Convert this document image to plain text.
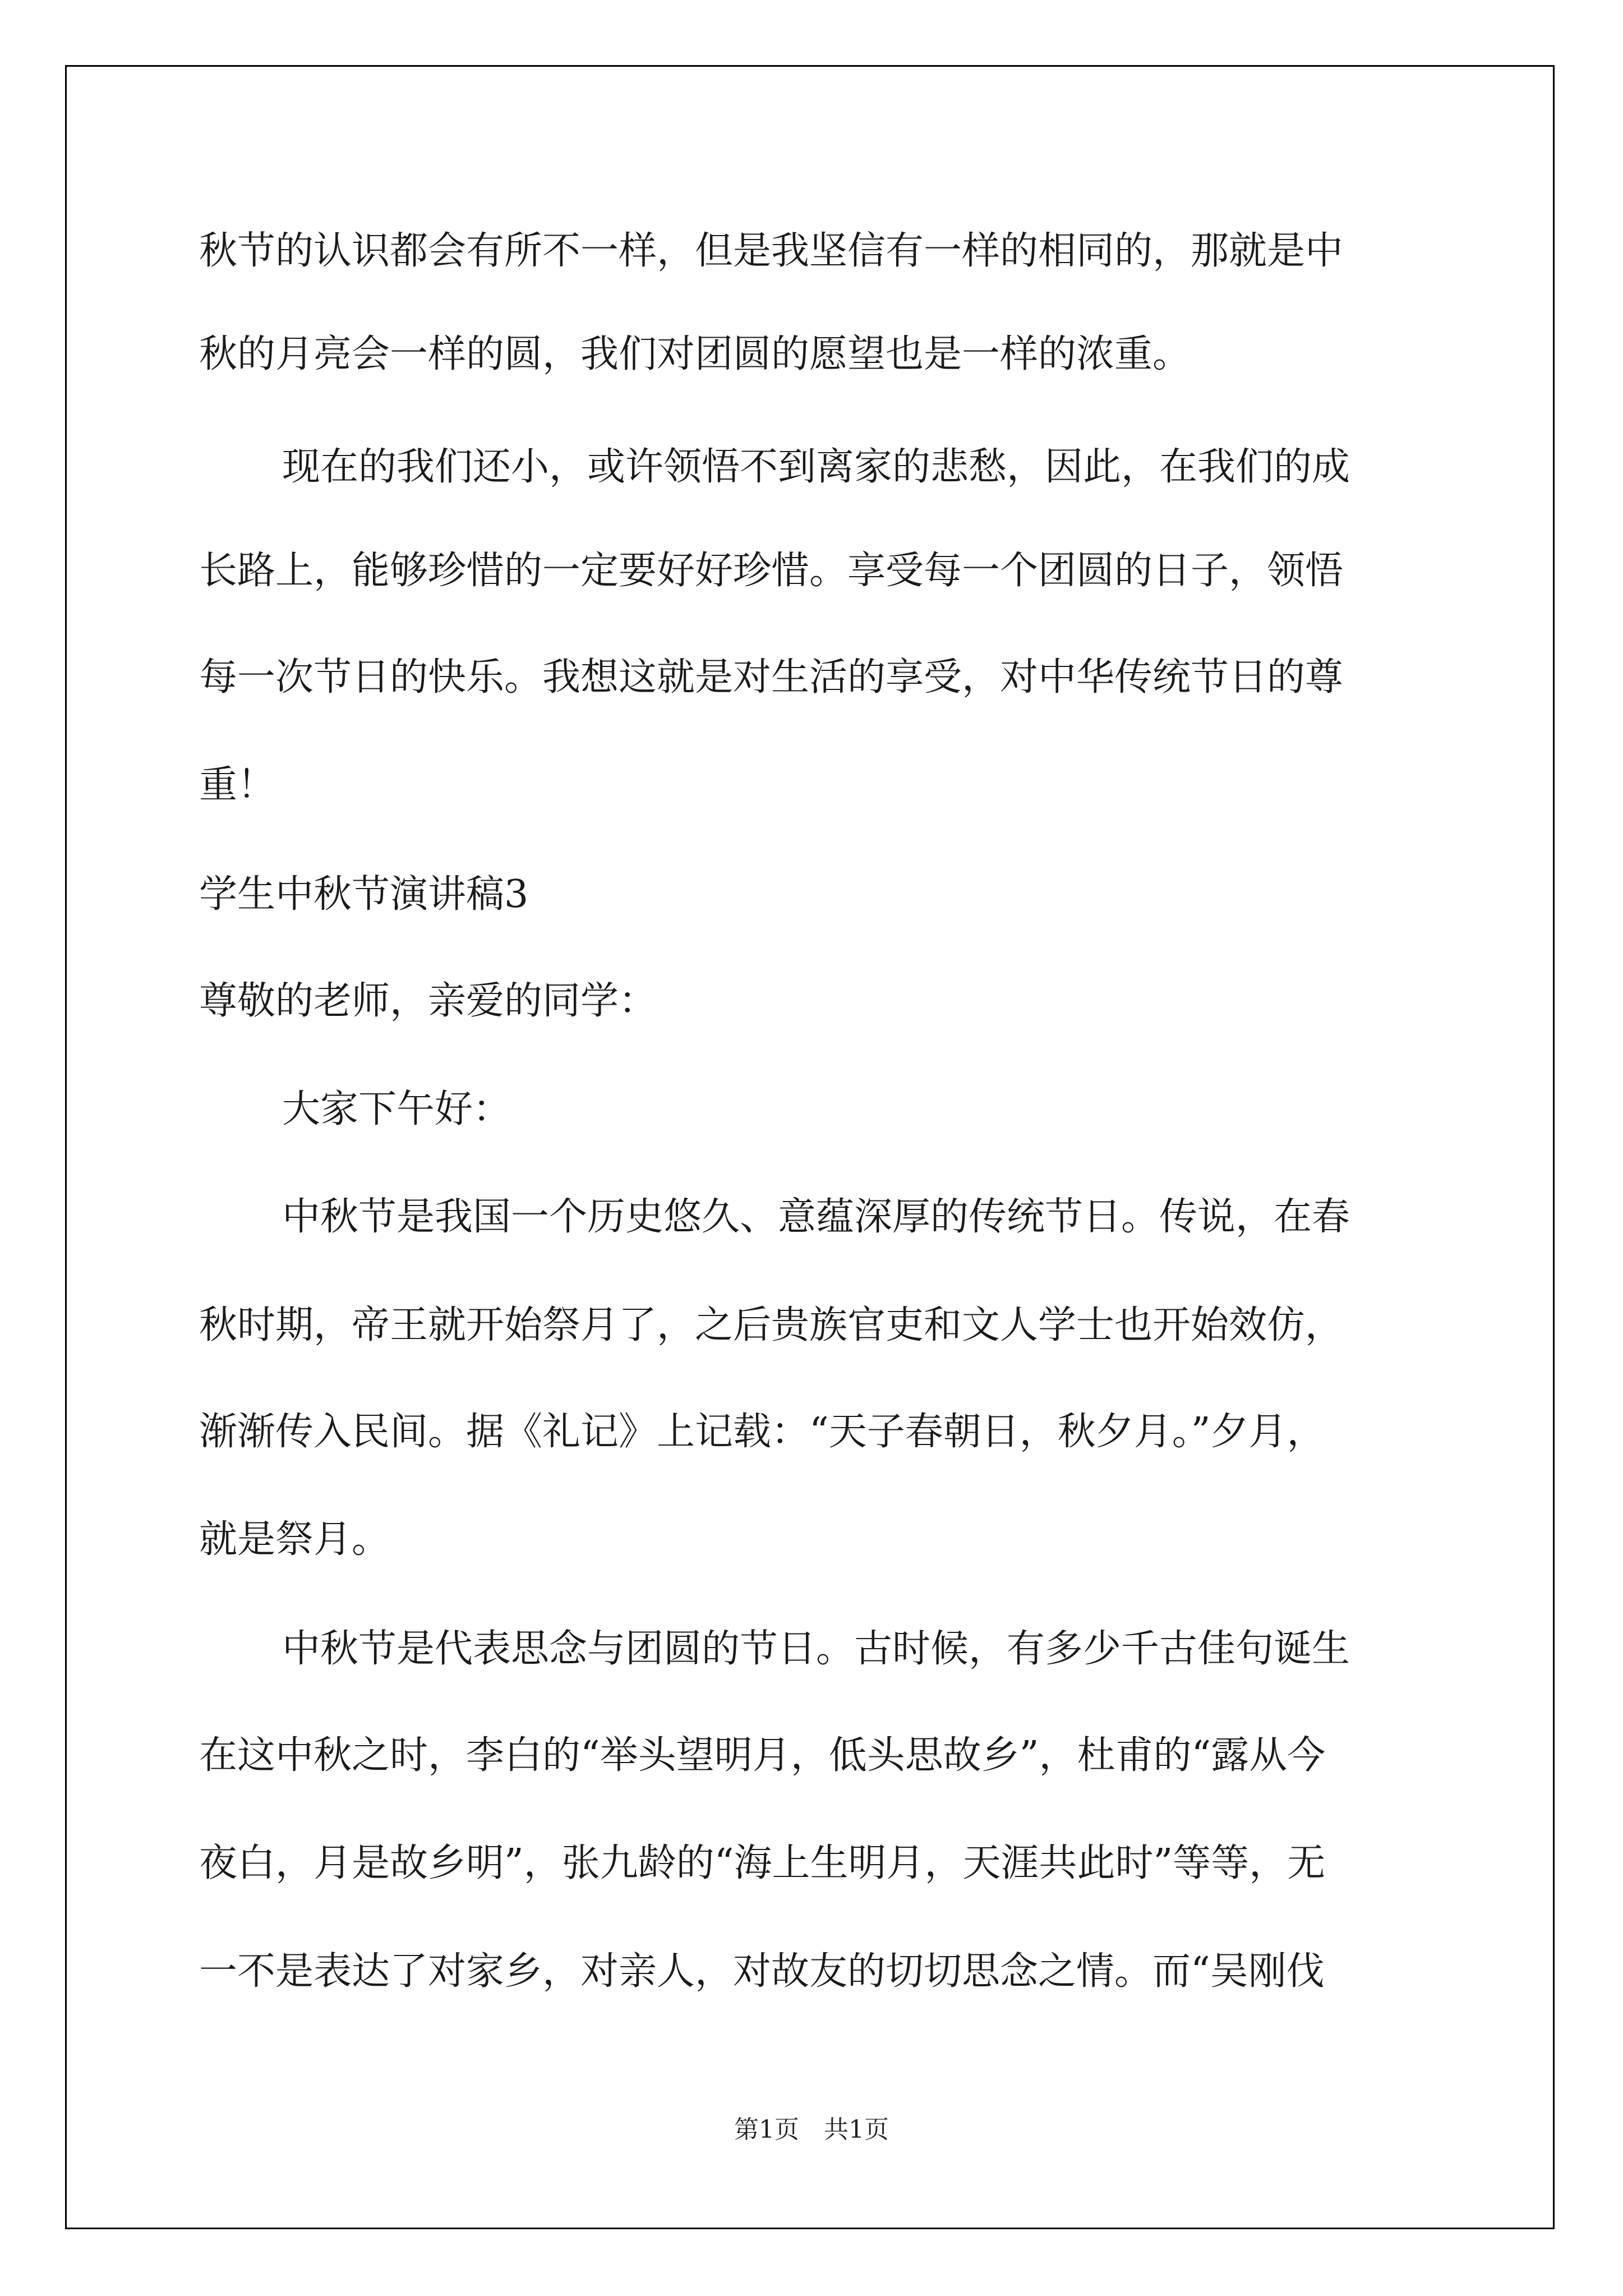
秋节的认识都会有所不一样，但是我坚信有一样的相同的，那就是中
秋的月亮会一样的圆，我们对团圆的愿望也是一样的浓重。
现在的我们还小，或许领悟不到离家的悲愁，因此，在我们的成
长路上，能够珍惜的一定要好好珍惜。享受每一个团圆的日子，领悟
每一次节日的快乐。我想这就是对生活的享受，对中华传统节日的尊
重！
学生中秋节演讲稿3
尊敬的老师，亲爱的同学：
大家下午好：
中秋节是我国一个历史悠久、意蕴深厚的传统节日。传说，在春
秋时期，帝王就开始祭月了，之后贵族官吏和文人学士也开始效仿，
渐渐传入民间。据《礼记》上记载：“天子春朝日，秋夕月。”夕月，
就是祭月。
中秋节是代表思念与团圆的节日。古时候，有多少千古佳句诞生
在这中秋之时，李白的“举头望明月，低头思故乡”，杜甫的“露从今
夜白，月是故乡明”，张九龄的“海上生明月，天涯共此时”等等，无
一不是表达了对家乡，对亲人，对故友的切切思念之情。而“吴刚伐
第1页　共1页
